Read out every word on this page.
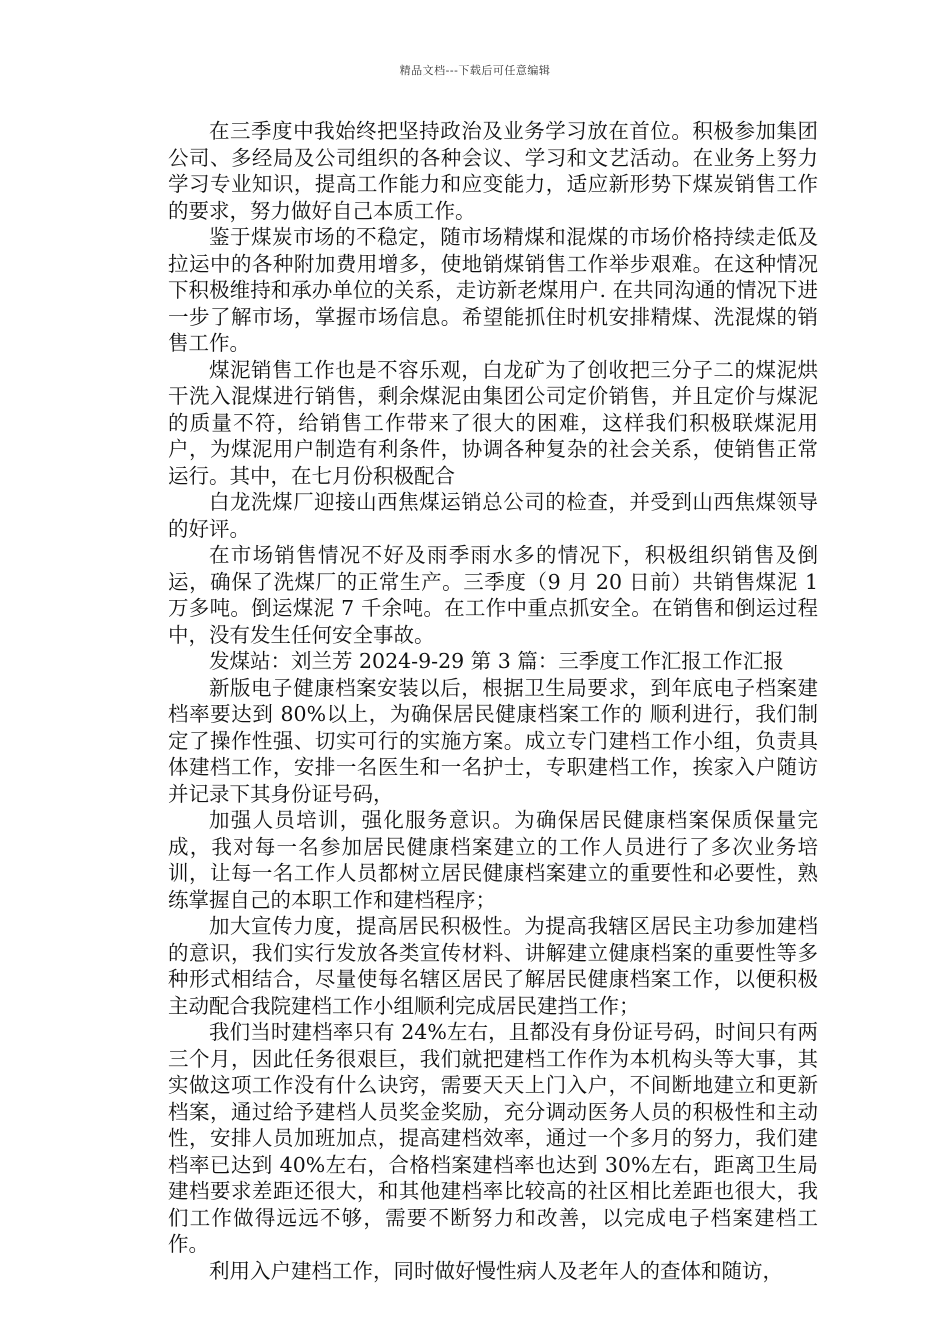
精品文档---下载后可任意编辑

在三季度中我始终把坚持政治及业务学习放在首位。积极参加集团公司、多经局及公司组织的各种会议、学习和文艺活动。在业务上努力学习专业知识，提高工作能力和应变能力，适应新形势下煤炭销售工作的要求，努力做好自己本质工作。

鉴于煤炭市场的不稳定，随市场精煤和混煤的市场价格持续走低及拉运中的各种附加费用增多，使地销煤销售工作举步艰难。在这种情况下积极维持和承办单位的关系，走访新老煤用户. 在共同沟通的情况下进一步了解市场，掌握市场信息。希望能抓住时机安排精煤、洗混煤的销售工作。

煤泥销售工作也是不容乐观，白龙矿为了创收把三分子二的煤泥烘干洗入混煤进行销售，剩余煤泥由集团公司定价销售，并且定价与煤泥的质量不符，给销售工作带来了很大的困难，这样我们积极联煤泥用户，为煤泥用户制造有利条件，协调各种复杂的社会关系，使销售正常运行。其中，在七月份积极配合

白龙洗煤厂迎接山西焦煤运销总公司的检查，并受到山西焦煤领导的好评。

在市场销售情况不好及雨季雨水多的情况下，积极组织销售及倒运，确保了洗煤厂的正常生产。三季度（9 月 20 日前）共销售煤泥 1 万多吨。倒运煤泥 7 千余吨。在工作中重点抓安全。在销售和倒运过程中，没有发生任何安全事故。

发煤站：刘兰芳 2024-9-29 第 3 篇：三季度工作汇报工作汇报

新版电子健康档案安装以后，根据卫生局要求，到年底电子档案建档率要达到 80%以上，为确保居民健康档案工作的 顺利进行，我们制定了操作性强、切实可行的实施方案。成立专门建档工作小组，负责具体建档工作，安排一名医生和一名护士，专职建档工作，挨家入户随访并记录下其身份证号码，

加强人员培训，强化服务意识。为确保居民健康档案保质保量完成，我对每一名参加居民健康档案建立的工作人员进行了多次业务培训，让每一名工作人员都树立居民健康档案建立的重要性和必要性，熟练掌握自己的本职工作和建档程序；

加大宣传力度，提高居民积极性。为提高我辖区居民主功参加建档的意识，我们实行发放各类宣传材料、讲解建立健康档案的重要性等多种形式相结合，尽量使每名辖区居民了解居民健康档案工作，以便积极主动配合我院建档工作小组顺利完成居民建挡工作；

我们当时建档率只有 24%左右，且都没有身份证号码，时间只有两三个月，因此任务很艰巨，我们就把建档工作作为本机构头等大事，其实做这项工作没有什么诀窍，需要天天上门入户，不间断地建立和更新档案，通过给予建档人员奖金奖励，充分调动医务人员的积极性和主动性，安排人员加班加点，提高建档效率，通过一个多月的努力，我们建档率已达到 40%左右，合格档案建档率也达到 30%左右，距离卫生局建档要求差距还很大，和其他建档率比较高的社区相比差距也很大，我们工作做得远远不够，需要不断努力和改善，以完成电子档案建档工作。

利用入户建档工作，同时做好慢性病人及老年人的查体和随访，
